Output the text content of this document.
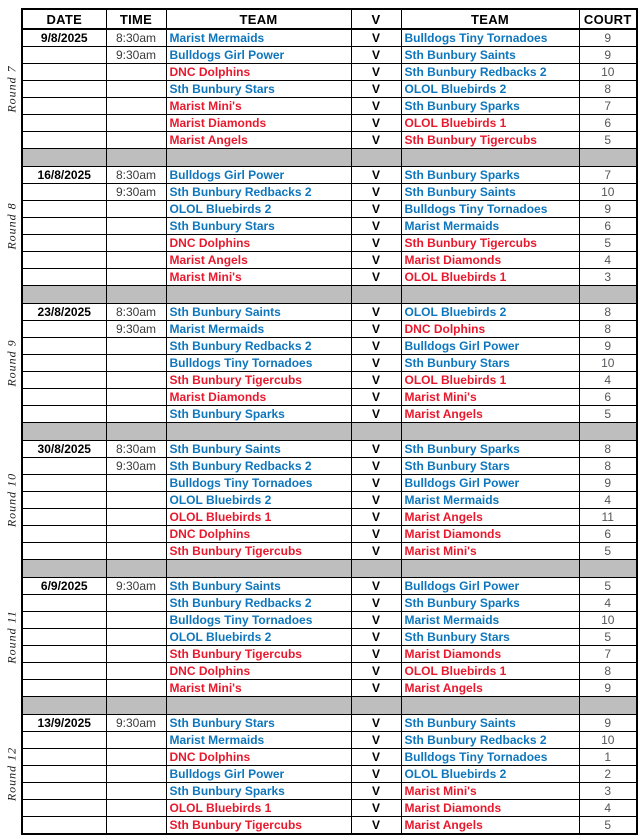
Round 7
Round 8
Round 9
Round 10
Round 11
Round 12
DATE	TIME	TEAM	V	TEAM	COURT
9/8/2025	8:30am	Marist Mermaids	V	Bulldogs Tiny Tornadoes	9
	9:30am	Bulldogs Girl Power	V	Sth Bunbury Saints	9
		DNC Dolphins	V	Sth Bunbury Redbacks 2	10
		Sth Bunbury Stars	V	OLOL Bluebirds 2	8
		Marist Mini's	V	Sth Bunbury Sparks	7
		Marist Diamonds	V	OLOL Bluebirds 1	6
		Marist Angels	V	Sth Bunbury Tigercubs	5

16/8/2025	8:30am	Bulldogs Girl Power	V	Sth Bunbury Sparks	7
	9:30am	Sth Bunbury Redbacks 2	V	Sth Bunbury Saints	10
		OLOL Bluebirds 2	V	Bulldogs Tiny Tornadoes	9
		Sth Bunbury Stars	V	Marist Mermaids	6
		DNC Dolphins	V	Sth Bunbury Tigercubs	5
		Marist Angels	V	Marist Diamonds	4
		Marist Mini's	V	OLOL Bluebirds 1	3

23/8/2025	8:30am	Sth Bunbury Saints	V	OLOL Bluebirds 2	8
	9:30am	Marist Mermaids	V	DNC Dolphins	8
		Sth Bunbury Redbacks 2	V	Bulldogs Girl Power	9
		Bulldogs Tiny Tornadoes	V	Sth Bunbury Stars	10
		Sth Bunbury Tigercubs	V	OLOL Bluebirds 1	4
		Marist Diamonds	V	Marist Mini's	6
		Sth Bunbury Sparks	V	Marist Angels	5

30/8/2025	8:30am	Sth Bunbury Saints	V	Sth Bunbury Sparks	8
	9:30am	Sth Bunbury Redbacks 2	V	Sth Bunbury Stars	8
		Bulldogs Tiny Tornadoes	V	Bulldogs Girl Power	9
		OLOL Bluebirds 2	V	Marist Mermaids	4
		OLOL Bluebirds 1	V	Marist Angels	11
		DNC Dolphins	V	Marist Diamonds	6
		Sth Bunbury Tigercubs	V	Marist Mini's	5

6/9/2025	9:30am	Sth Bunbury Saints	V	Bulldogs Girl Power	5
		Sth Bunbury Redbacks 2	V	Sth Bunbury Sparks	4
		Bulldogs Tiny Tornadoes	V	Marist Mermaids	10
		OLOL Bluebirds 2	V	Sth Bunbury Stars	5
		Sth Bunbury Tigercubs	V	Marist Diamonds	7
		DNC Dolphins	V	OLOL Bluebirds 1	8
		Marist Mini's	V	Marist Angels	9

13/9/2025	9:30am	Sth Bunbury Stars	V	Sth Bunbury Saints	9
		Marist Mermaids	V	Sth Bunbury Redbacks 2	10
		DNC Dolphins	V	Bulldogs Tiny Tornadoes	1
		Bulldogs Girl Power	V	OLOL Bluebirds 2	2
		Sth Bunbury Sparks	V	Marist Mini's	3
		OLOL Bluebirds 1	V	Marist Diamonds	4
		Sth Bunbury Tigercubs	V	Marist Angels	5
